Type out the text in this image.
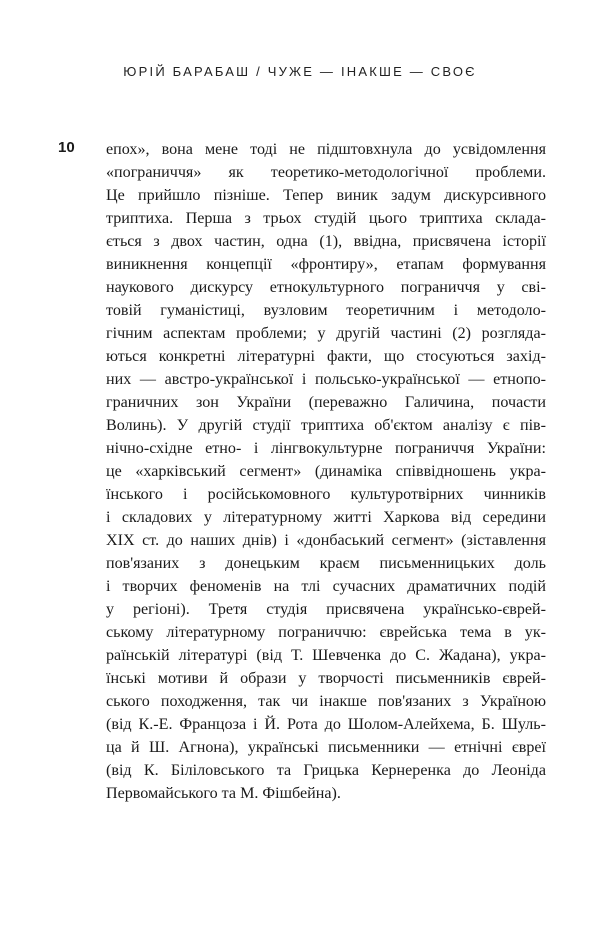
ЮРІЙ БАРАБАШ / ЧУЖЕ — ІНАКШЕ — СВОЄ
10 епох», вона мене тоді не підштовхнула до усвідомлення
«пограниччя» як теоретико-методологічної проблеми.
Це прийшло пізніше. Тепер виник задум дискурсивного
триптиха. Перша з трьох студій цього триптиха склада-
ється з двох частин, одна (1), ввідна, присвячена історії
виникнення концепції «фронтиру», етапам формування
наукового дискурсу етнокультурного пограниччя у сві-
товій гуманістиці, вузловим теоретичним і методоло-
гічним аспектам проблеми; у другій частині (2) розгляда-
ються конкретні літературні факти, що стосуються захід-
них — австро-української і польсько-української — етнопо-
граничних зон України (переважно Галичина, почасти
Волинь). У другій студії триптиха об'єктом аналізу є пів-
нічно-східне етно- і лінгвокультурне пограниччя України:
це «харківський сегмент» (динаміка співвідношень укра-
їнського і російськомовного культуротвірних чинників
і складових у літературному житті Харкова від середини
XIX ст. до наших днів) і «донбаський сегмент» (зіставлення
пов'язаних з донецьким краєм письменницьких доль
і творчих феноменів на тлі сучасних драматичних подій
у регіоні). Третя студія присвячена українсько-єврей-
ському літературному пограниччю: єврейська тема в ук-
раїнській літературі (від Т. Шевченка до С. Жадана), укра-
їнські мотиви й образи у творчості письменників єврей-
ського походження, так чи інакше пов'язаних з Україною
(від К.-Е. Францоза і Й. Рота до Шолом-Алейхема, Б. Шуль-
ца й Ш. Агнона), українські письменники — етнічні євреї
(від К. Біліловського та Грицька Кернеренка до Леоніда
Первомайського та М. Фішбейна).
